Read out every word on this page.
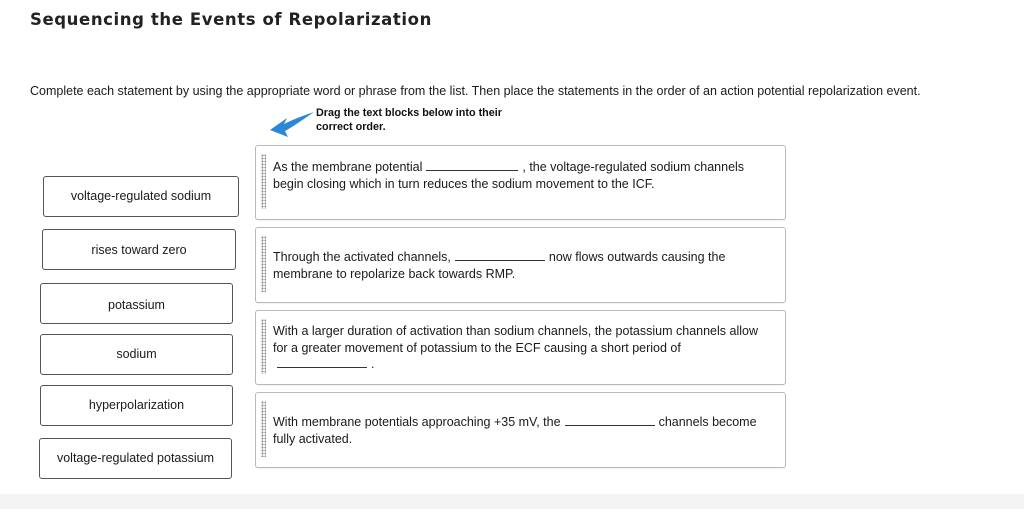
Sequencing the Events of Repolarization
Complete each statement by using the appropriate word or phrase from the list. Then place the statements in the order of an action potential repolarization event.
Drag the text blocks below into their
correct order.
voltage-regulated sodium
rises toward zero
potassium
sodium
hyperpolarization
voltage-regulated potassium
As the membrane potential	, the voltage-regulated sodium channels begin closing which in turn reduces the sodium movement to the ICF.
Through the activated channels,	now flows outwards causing the membrane to repolarize back towards RMP.
With a larger duration of activation than sodium channels, the potassium channels allow for a greater movement of potassium to the ECF causing a short period of.
With membrane potentials approaching +35 mV, the	channels become fully activated.
